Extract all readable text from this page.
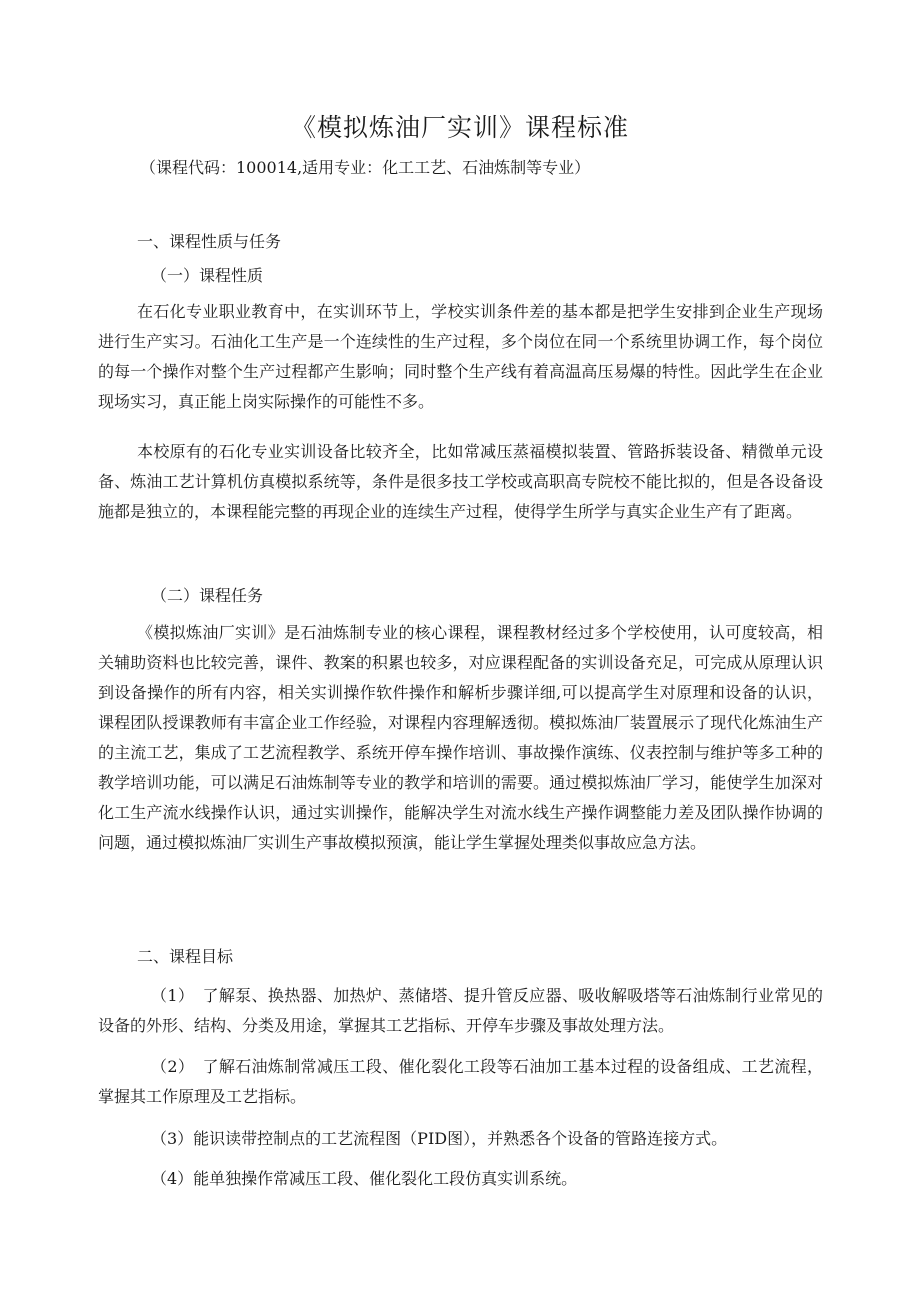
《模拟炼油厂实训》课程标准
（课程代码：100014,适用专业：化工工艺、石油炼制等专业）
一、课程性质与任务
（一）课程性质
在石化专业职业教育中，在实训环节上，学校实训条件差的基本都是把学生安排到企业生产现场进行生产实习。石油化工生产是一个连续性的生产过程，多个岗位在同一个系统里协调工作，每个岗位的每一个操作对整个生产过程都产生影响；同时整个生产线有着高温高压易爆的特性。因此学生在企业现场实习，真正能上岗实际操作的可能性不多。
本校原有的石化专业实训设备比较齐全，比如常减压蒸福模拟装置、管路拆装设备、精微单元设备、炼油工艺计算机仿真模拟系统等，条件是很多技工学校或高职高专院校不能比拟的，但是各设备设施都是独立的，本课程能完整的再现企业的连续生产过程，使得学生所学与真实企业生产有了距离。
（二）课程任务
《模拟炼油厂实训》是石油炼制专业的核心课程，课程教材经过多个学校使用，认可度较高，相关辅助资料也比较完善，课件、教案的积累也较多，对应课程配备的实训设备充足，可完成从原理认识到设备操作的所有内容，相关实训操作软件操作和解析步骤详细,可以提高学生对原理和设备的认识，课程团队授课教师有丰富企业工作经验，对课程内容理解透彻。模拟炼油厂装置展示了现代化炼油生产的主流工艺，集成了工艺流程教学、系统开停车操作培训、事故操作演练、仪表控制与维护等多工种的教学培训功能，可以满足石油炼制等专业的教学和培训的需要。通过模拟炼油厂学习，能使学生加深对化工生产流水线操作认识，通过实训操作，能解决学生对流水线生产操作调整能力差及团队操作协调的问题，通过模拟炼油厂实训生产事故模拟预演，能让学生掌握处理类似事故应急方法。
二、课程目标
（1）　了解泵、换热器、加热炉、蒸储塔、提升管反应器、吸收解吸塔等石油炼制行业常见的设备的外形、结构、分类及用途，掌握其工艺指标、开停车步骤及事故处理方法。
（2）　了解石油炼制常减压工段、催化裂化工段等石油加工基本过程的设备组成、工艺流程，掌握其工作原理及工艺指标。
（3）能识读带控制点的工艺流程图（PID图），并熟悉各个设备的管路连接方式。
（4）能单独操作常减压工段、催化裂化工段仿真实训系统。
